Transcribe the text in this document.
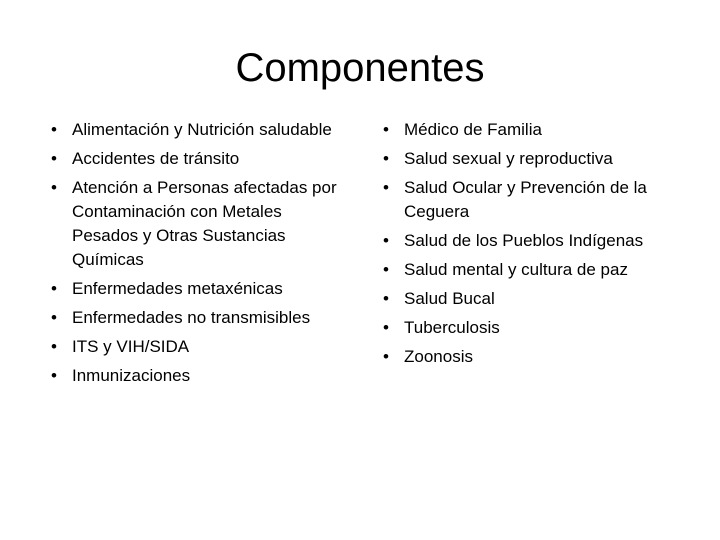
Componentes
• Alimentación y Nutrición saludable
• Accidentes de tránsito
• Atención a Personas afectadas por Contaminación con Metales Pesados y Otras Sustancias Químicas
• Enfermedades metaxénicas
• Enfermedades no transmisibles
• ITS y VIH/SIDA
• Inmunizaciones
• Médico de Familia
• Salud sexual y reproductiva
• Salud Ocular y Prevención de la Ceguera
• Salud de los Pueblos Indígenas
• Salud mental y cultura de paz
• Salud Bucal
• Tuberculosis
• Zoonosis
